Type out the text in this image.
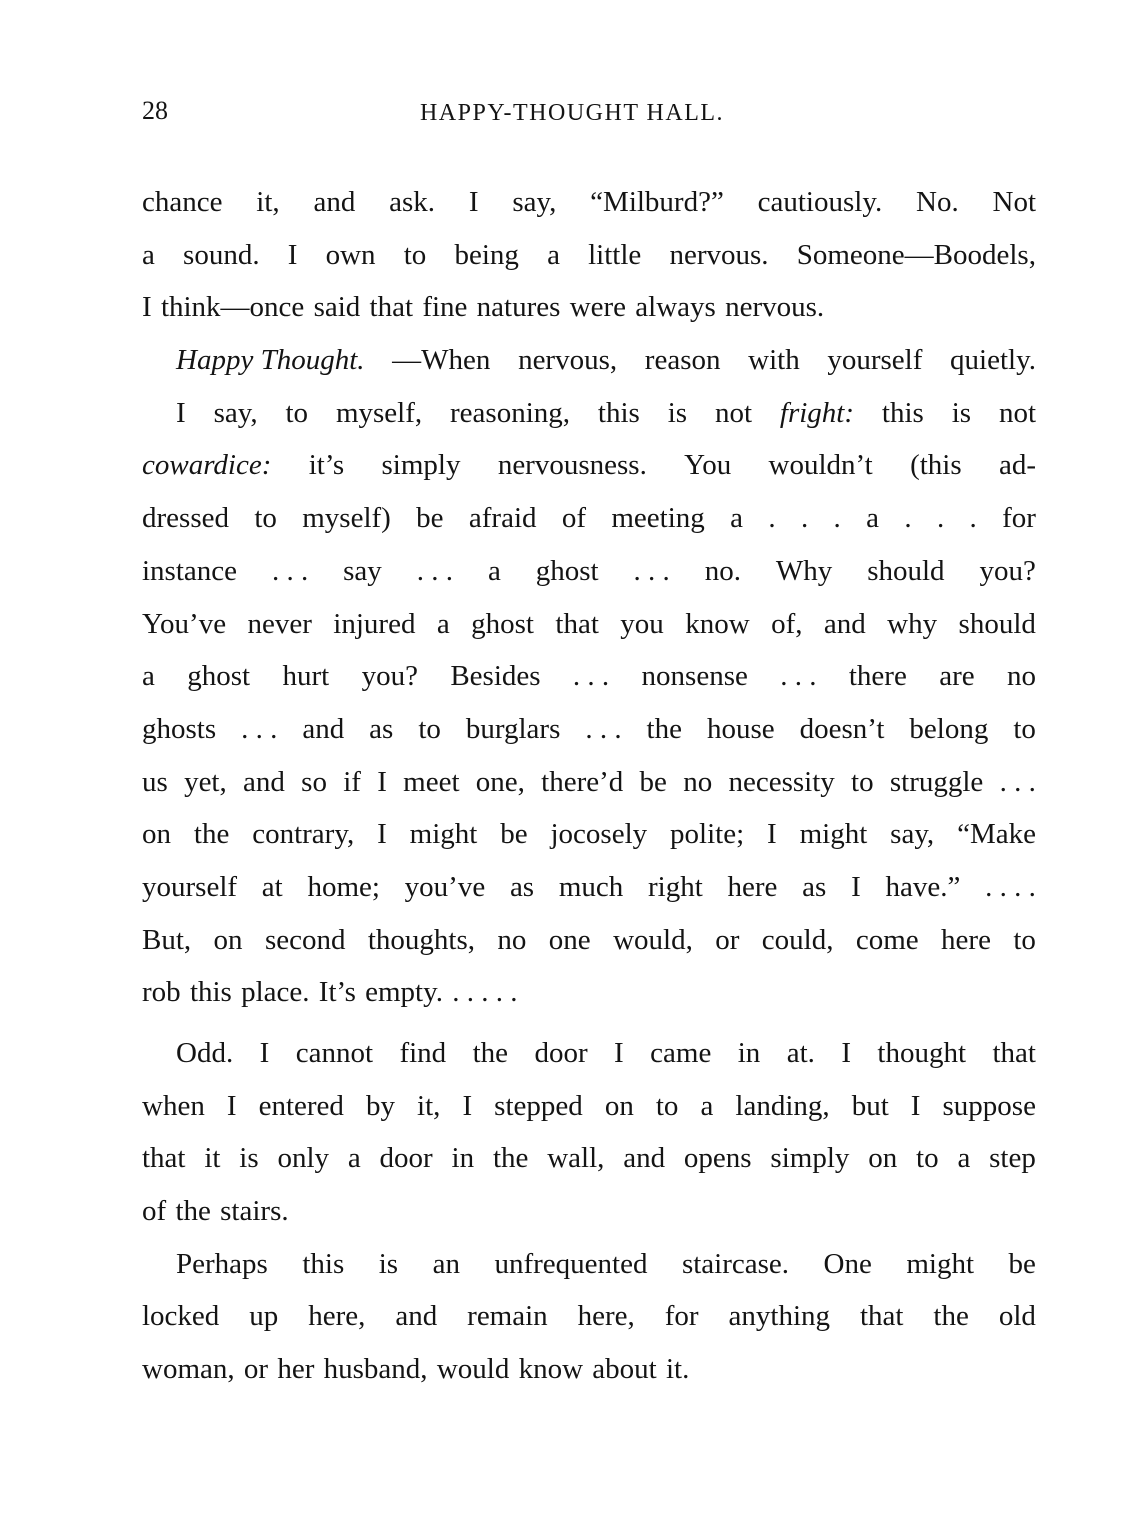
28	HAPPY-THOUGHT HALL.
chance it, and ask. I say, “Milburd?” cautiously. No. Not
a sound. I own to being a little nervous. Someone—Boodels,
I think—once said that fine natures were always nervous.
Happy Thought. —When nervous, reason with yourself quietly.
I say, to myself, reasoning, this is not fright: this is not
cowardice: it’s simply nervousness. You wouldn’t (this ad-
dressed to myself) be afraid of meeting a . . . a . . . for
instance . . . say . . . a ghost . . . no. Why should you?
You’ve never injured a ghost that you know of, and why should
a ghost hurt you? Besides . . . nonsense . . . there are no
ghosts . . . and as to burglars . . . the house doesn’t belong to
us yet, and so if I meet one, there’d be no necessity to struggle . . .
on the contrary, I might be jocosely polite; I might say, “Make
yourself at home; you’ve as much right here as I have.” . . . .
But, on second thoughts, no one would, or could, come here to
rob this place. It’s empty. . . . . .
Odd. I cannot find the door I came in at. I thought that
when I entered by it, I stepped on to a landing, but I suppose
that it is only a door in the wall, and opens simply on to a step
of the stairs.
Perhaps this is an unfrequented staircase. One might be
locked up here, and remain here, for anything that the old
woman, or her husband, would know about it.
